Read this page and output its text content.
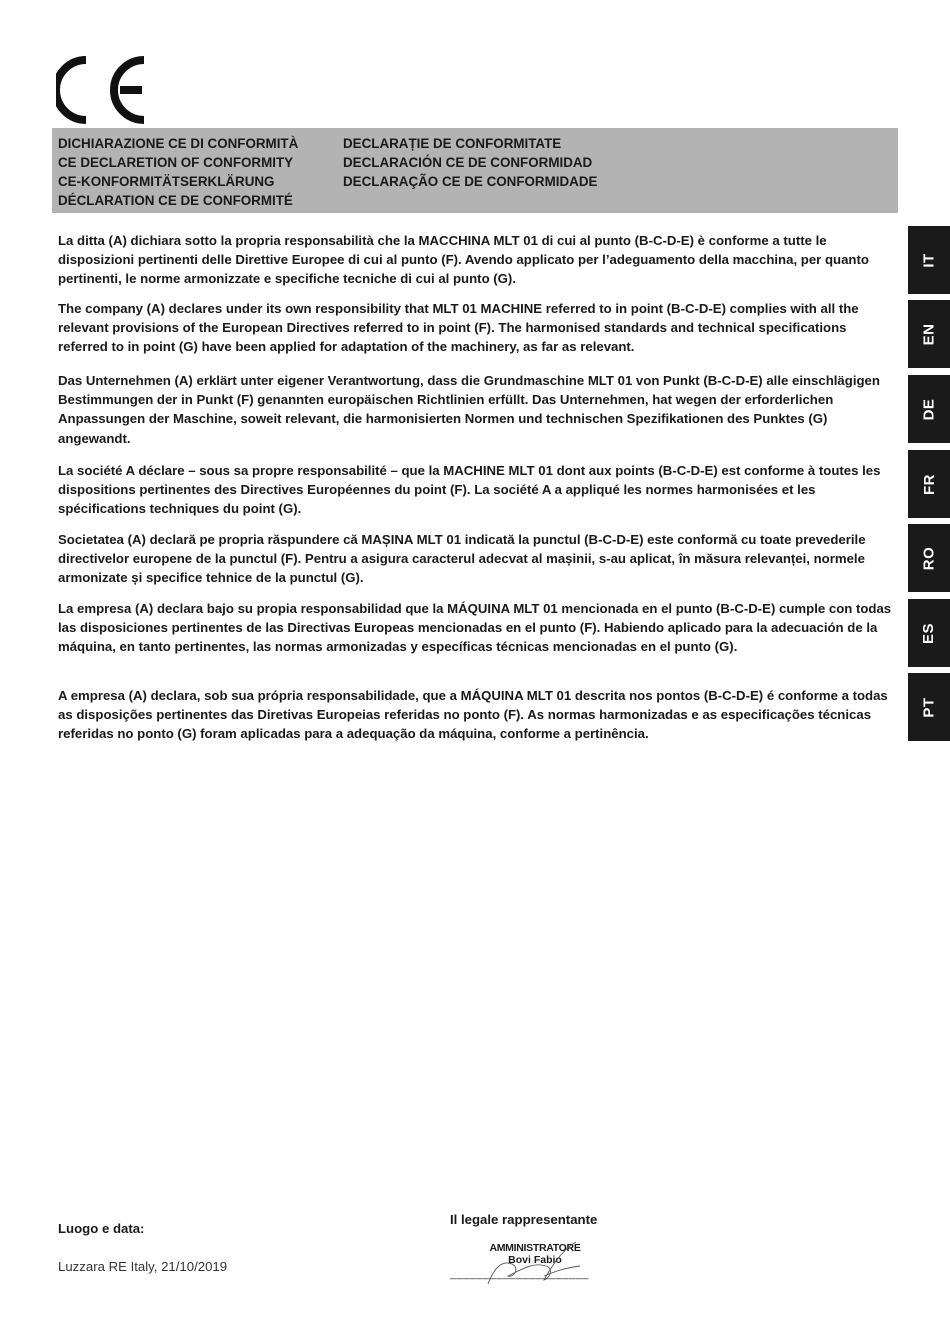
DICHIARAZIONE CE DI CONFORMITÀ
CE DECLARETION OF CONFORMITY
CE-KONFORMITÄTSERKLÄRUNG
DÉCLARATION CE DE CONFORMITÉ
DECLARAȚIE DE CONFORMITATE
DECLARACIÓN CE DE CONFORMIDAD
DECLARAÇÃO CE DE CONFORMIDADE

La ditta (A) dichiara sotto la propria responsabilità che la MACCHINA MLT 01 di cui al punto (B-C-D-E) è conforme a tutte le disposizioni pertinenti delle Direttive Europee di cui al punto (F). Avendo applicato per l’adeguamento della macchina, per quanto pertinenti, le norme armonizzate e specifiche tecniche di cui al punto (G).

The company (A) declares under its own responsibility that MLT 01 MACHINE referred to in point (B-C-D-E) complies with all the relevant provisions of the European Directives referred to in point (F). The harmonised standards and technical specifications referred to in point (G) have been applied for adaptation of the machinery, as far as relevant.

Das Unternehmen (A) erklärt unter eigener Verantwortung, dass die Grundmaschine MLT 01 von Punkt (B-C-D-E) alle einschlägigen Bestimmungen der in Punkt (F) genannten europäischen Richtlinien erfüllt. Das Unternehmen, hat wegen der erforderlichen Anpassungen der Maschine, soweit relevant, die harmonisierten Normen und technischen Spezifikationen des Punktes (G) angewandt.

La société A déclare – sous sa propre responsabilité – que la MACHINE MLT 01 dont aux points (B-C-D-E) est conforme à toutes les dispositions pertinentes des Directives Européennes du point (F). La société A a appliqué les normes harmonisées et les spécifications techniques du point (G).

Societatea (A) declară pe propria răspundere că MAȘINA MLT 01 indicată la punctul (B-C-D-E) este conformă cu toate prevederile directivelor europene de la punctul (F). Pentru a asigura caracterul adecvat al mașinii, s-au aplicat, în măsura relevanței, normele armonizate și specifice tehnice de la punctul (G).

La empresa (A) declara bajo su propia responsabilidad que la MÁQUINA MLT 01 mencionada en el punto (B-C-D-E) cumple con todas las disposiciones pertinentes de las Directivas Europeas mencionadas en el punto (F). Habiendo aplicado para la adecuación de la máquina, en tanto pertinentes, las normas armonizadas y específicas técnicas mencionadas en el punto (G).

A empresa (A) declara, sob sua própria responsabilidade, que a MÁQUINA MLT 01 descrita nos pontos (B-C-D-E) é conforme a todas as disposições pertinentes das Diretivas Europeias referidas no ponto (F). As normas harmonizadas e as especificações técnicas referidas no ponto (G) foram aplicadas para a adequação da máquina, conforme a pertinência.

IT
EN
DE
FR
RO
ES
PT
Luogo e data:
Luzzara RE Italy, 21/10/2019
Il legale rappresentante
AMMINISTRATORE
Bovi Fabio
_____________________
